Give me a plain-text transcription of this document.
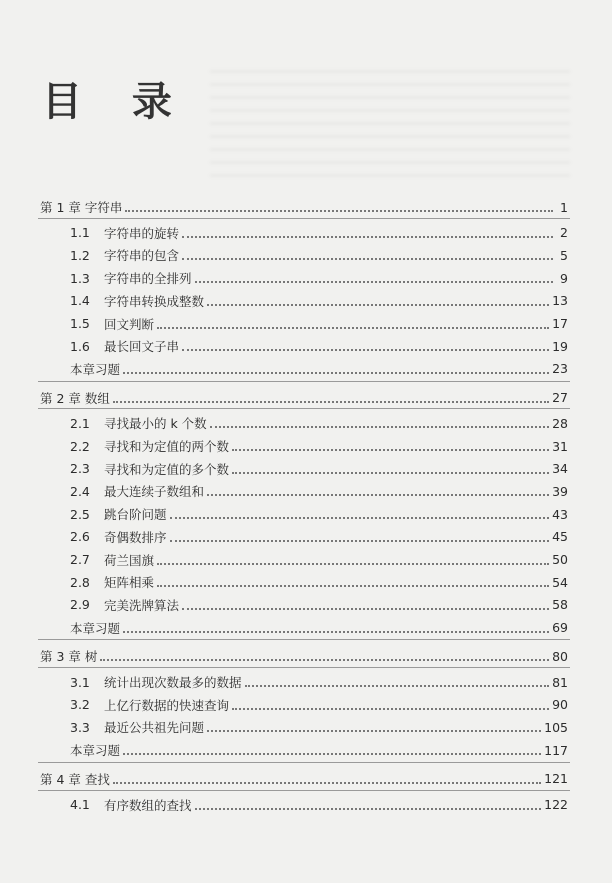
目 录
第 1 章 字符串	1
1.1	字符串的旋转	2
1.2	字符串的包含	5
1.3	字符串的全排列	9
1.4	字符串转换成整数	13
1.5	回文判断	17
1.6	最长回文子串	19
本章习题	23
第 2 章 数组	27
2.1	寻找最小的 k 个数	28
2.2	寻找和为定值的两个数	31
2.3	寻找和为定值的多个数	34
2.4	最大连续子数组和	39
2.5	跳台阶问题	43
2.6	奇偶数排序	45
2.7	荷兰国旗	50
2.8	矩阵相乘	54
2.9	完美洗牌算法	58
本章习题	69
第 3 章 树	80
3.1	统计出现次数最多的数据	81
3.2	上亿行数据的快速查询	90
3.3	最近公共祖先问题	105
本章习题	117
第 4 章 查找	121
4.1	有序数组的查找	122
